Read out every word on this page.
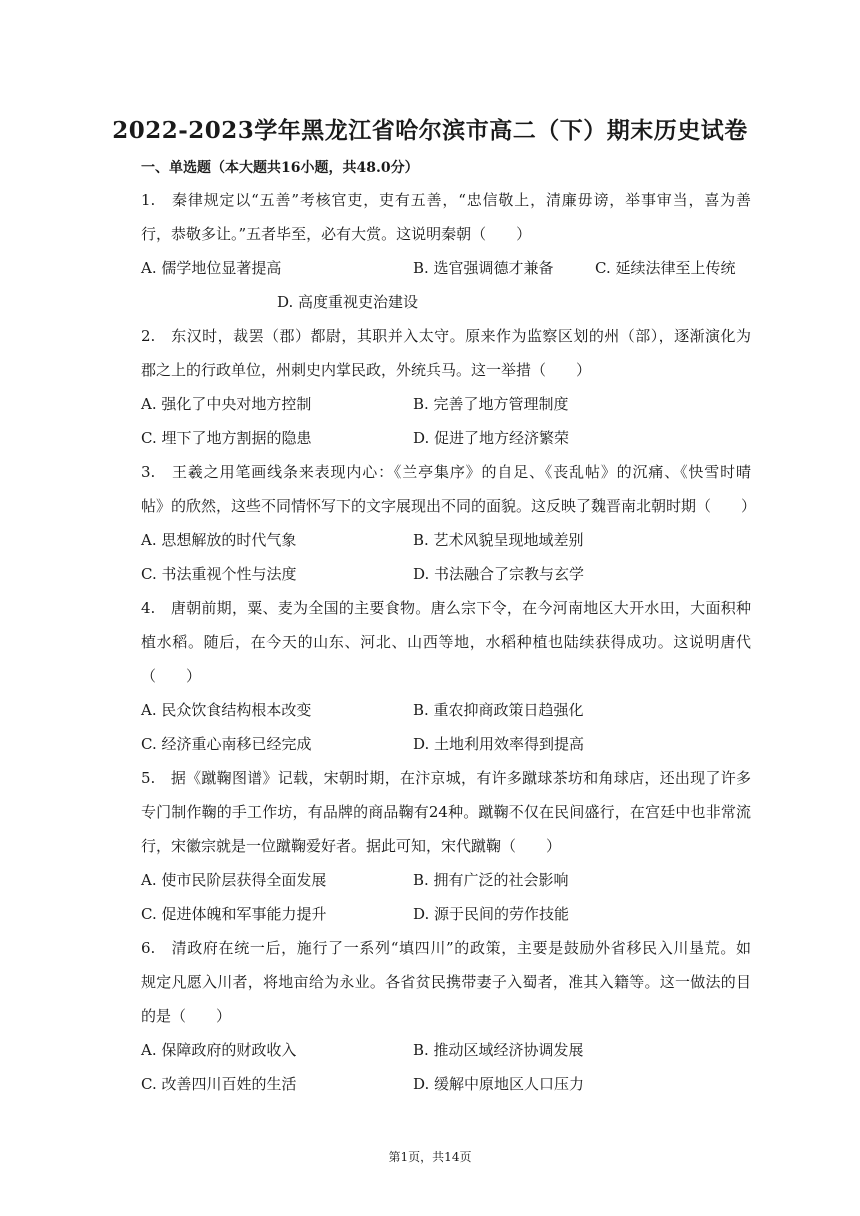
2022-2023学年黑龙江省哈尔滨市高二（下）期末历史试卷
一、单选题（本大题共16小题，共48.0分）
1.　秦律规定以“五善”考核官吏，吏有五善，“忠信敬上，清廉毋谤，举事审当，喜为善
行，恭敬多让。”五者毕至，必有大赏。这说明秦朝（　　）
A. 儒学地位显著提高	B. 选官强调德才兼备	C. 延续法律至上传统
D. 高度重视吏治建设
2.　东汉时，裁罢（郡）都尉，其职并入太守。原来作为监察区划的州（部），逐渐演化为
郡之上的行政单位，州刺史内掌民政，外统兵马。这一举措（　　）
A. 强化了中央对地方控制	B. 完善了地方管理制度
C. 埋下了地方割据的隐患	D. 促进了地方经济繁荣
3.　王羲之用笔画线条来表现内心：《兰亭集序》的自足、《丧乱帖》的沉痛、《快雪时晴
帖》的欣然，这些不同情怀写下的文字展现出不同的面貌。这反映了魏晋南北朝时期（　　）
A. 思想解放的时代气象	B. 艺术风貌呈现地域差别
C. 书法重视个性与法度	D. 书法融合了宗教与玄学
4.　唐朝前期，粟、麦为全国的主要食物。唐么宗下令，在今河南地区大开水田，大面积种
植水稻。随后，在今天的山东、河北、山西等地，水稻种植也陆续获得成功。这说明唐代
（　　）
A. 民众饮食结构根本改变	B. 重农抑商政策日趋强化
C. 经济重心南移已经完成	D. 土地利用效率得到提高
5.　据《蹴鞠图谱》记载，宋朝时期，在汴京城，有许多蹴球茶坊和角球店，还出现了许多
专门制作鞠的手工作坊，有品牌的商品鞠有24种。蹴鞠不仅在民间盛行，在宫廷中也非常流
行，宋徽宗就是一位蹴鞠爱好者。据此可知，宋代蹴鞠（　　）
A. 使市民阶层获得全面发展	B. 拥有广泛的社会影响
C. 促进体魄和军事能力提升	D. 源于民间的劳作技能
6.　清政府在统一后，施行了一系列“填四川”的政策，主要是鼓励外省移民入川垦荒。如
规定凡愿入川者，将地亩给为永业。各省贫民携带妻子入蜀者，准其入籍等。这一做法的目
的是（　　）
A. 保障政府的财政收入	B. 推动区域经济协调发展
C. 改善四川百姓的生活	D. 缓解中原地区人口压力
第1页，共14页
